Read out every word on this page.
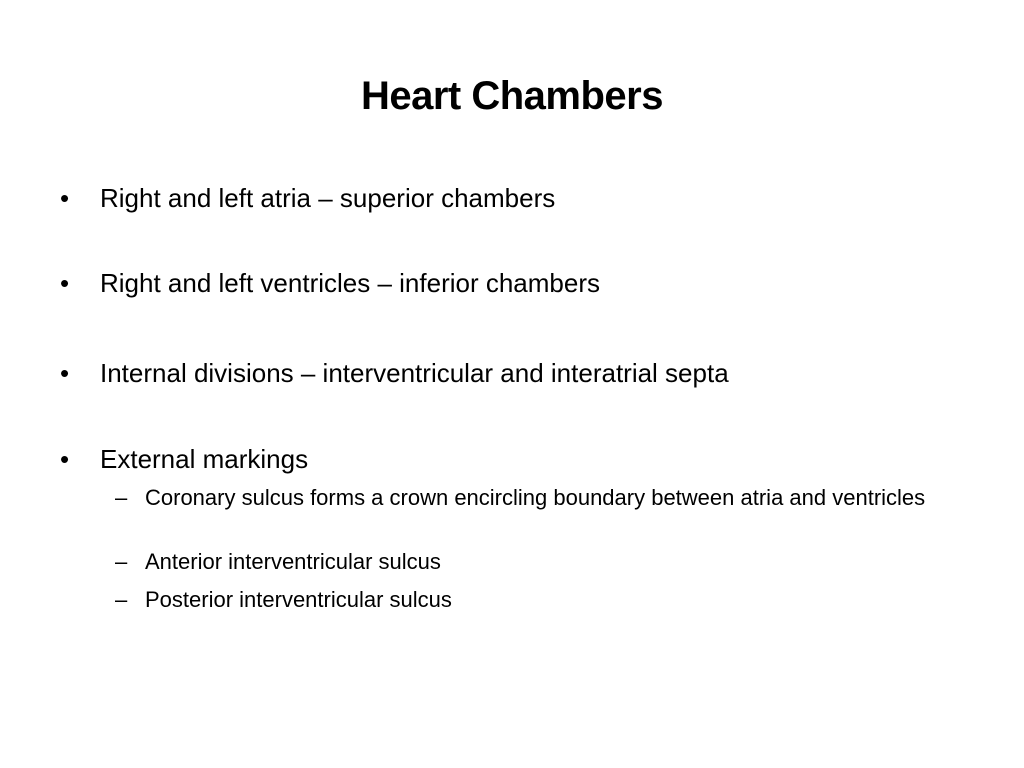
Heart Chambers
•	Right and left atria – superior chambers
•	Right and left ventricles – inferior chambers
•	Internal divisions – interventricular and interatrial septa
•	External markings
– Coronary sulcus forms a crown encircling boundary between atria and ventricles
– Anterior interventricular sulcus
– Posterior interventricular sulcus
